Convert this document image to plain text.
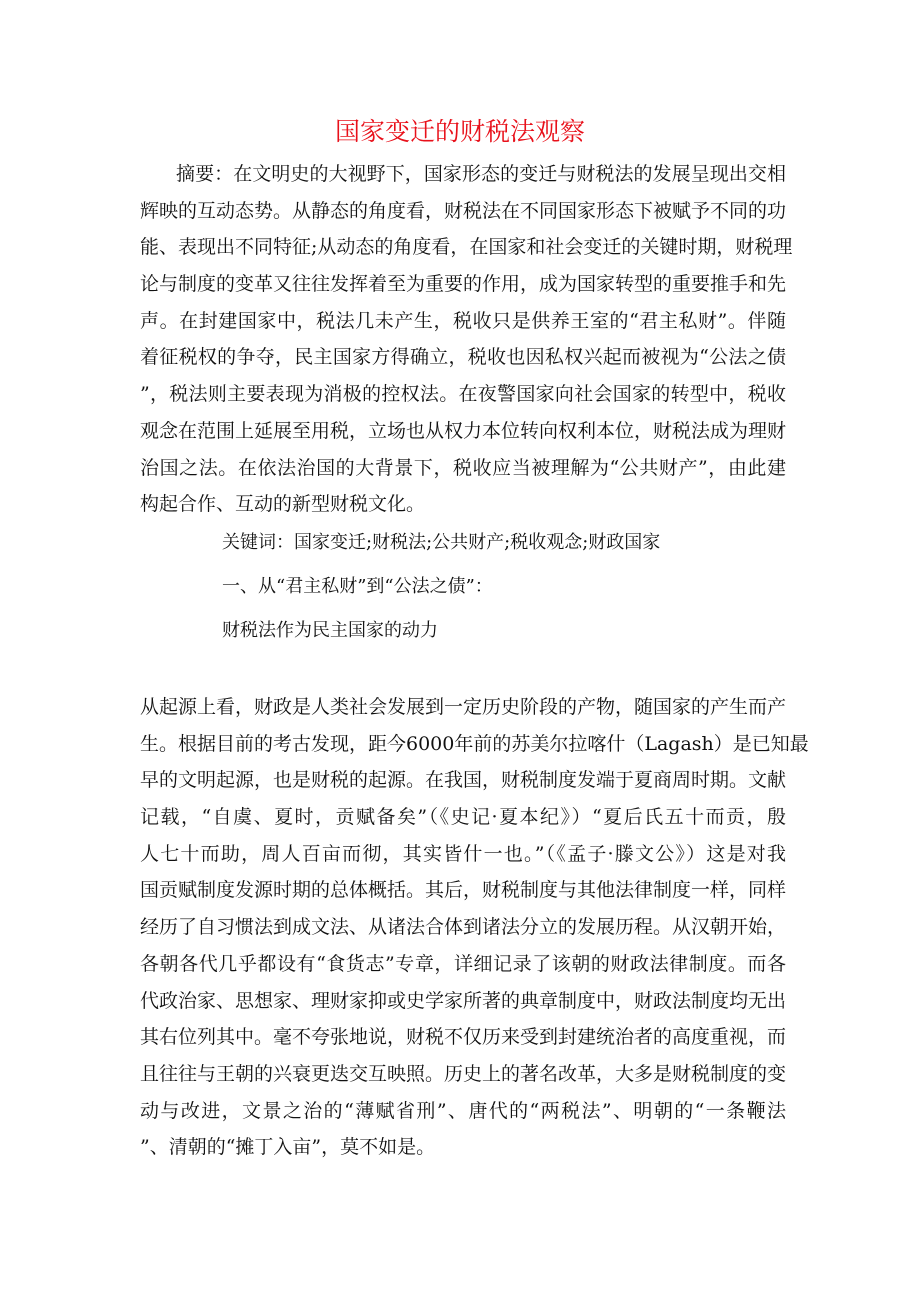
国家变迁的财税法观察
摘要：在文明史的大视野下，国家形态的变迁与财税法的发展呈现出交相
辉映的互动态势。从静态的角度看，财税法在不同国家形态下被赋予不同的功
能、表现出不同特征;从动态的角度看，在国家和社会变迁的关键时期，财税理
论与制度的变革又往往发挥着至为重要的作用，成为国家转型的重要推手和先
声。在封建国家中，税法几未产生，税收只是供养王室的“君主私财”。伴随
着征税权的争夺，民主国家方得确立，税收也因私权兴起而被视为“公法之债
”，税法则主要表现为消极的控权法。在夜警国家向社会国家的转型中，税收
观念在范围上延展至用税，立场也从权力本位转向权利本位，财税法成为理财
治国之法。在依法治国的大背景下，税收应当被理解为“公共财产”，由此建
构起合作、互动的新型财税文化。
关键词：国家变迁;财税法;公共财产;税收观念;财政国家
一、从“君主私财”到“公法之债”：
财税法作为民主国家的动力
从起源上看，财政是人类社会发展到一定历史阶段的产物，随国家的产生而产
生。根据目前的考古发现，距今6000年前的苏美尔拉喀什（Lagash）是已知最
早的文明起源，也是财税的起源。在我国，财税制度发端于夏商周时期。文献
记载，“自虞、夏时，贡赋备矣”（《史记·夏本纪》）“夏后氏五十而贡，殷
人七十而助，周人百亩而彻，其实皆什一也。”（《孟子·滕文公》）这是对我
国贡赋制度发源时期的总体概括。其后，财税制度与其他法律制度一样，同样
经历了自习惯法到成文法、从诸法合体到诸法分立的发展历程。从汉朝开始，
各朝各代几乎都设有“食货志”专章，详细记录了该朝的财政法律制度。而各
代政治家、思想家、理财家抑或史学家所著的典章制度中，财政法制度均无出
其右位列其中。毫不夸张地说，财税不仅历来受到封建统治者的高度重视，而
且往往与王朝的兴衰更迭交互映照。历史上的著名改革，大多是财税制度的变
动与改进，文景之治的“薄赋省刑”、唐代的“两税法”、明朝的“一条鞭法
”、清朝的“摊丁入亩”，莫不如是。
